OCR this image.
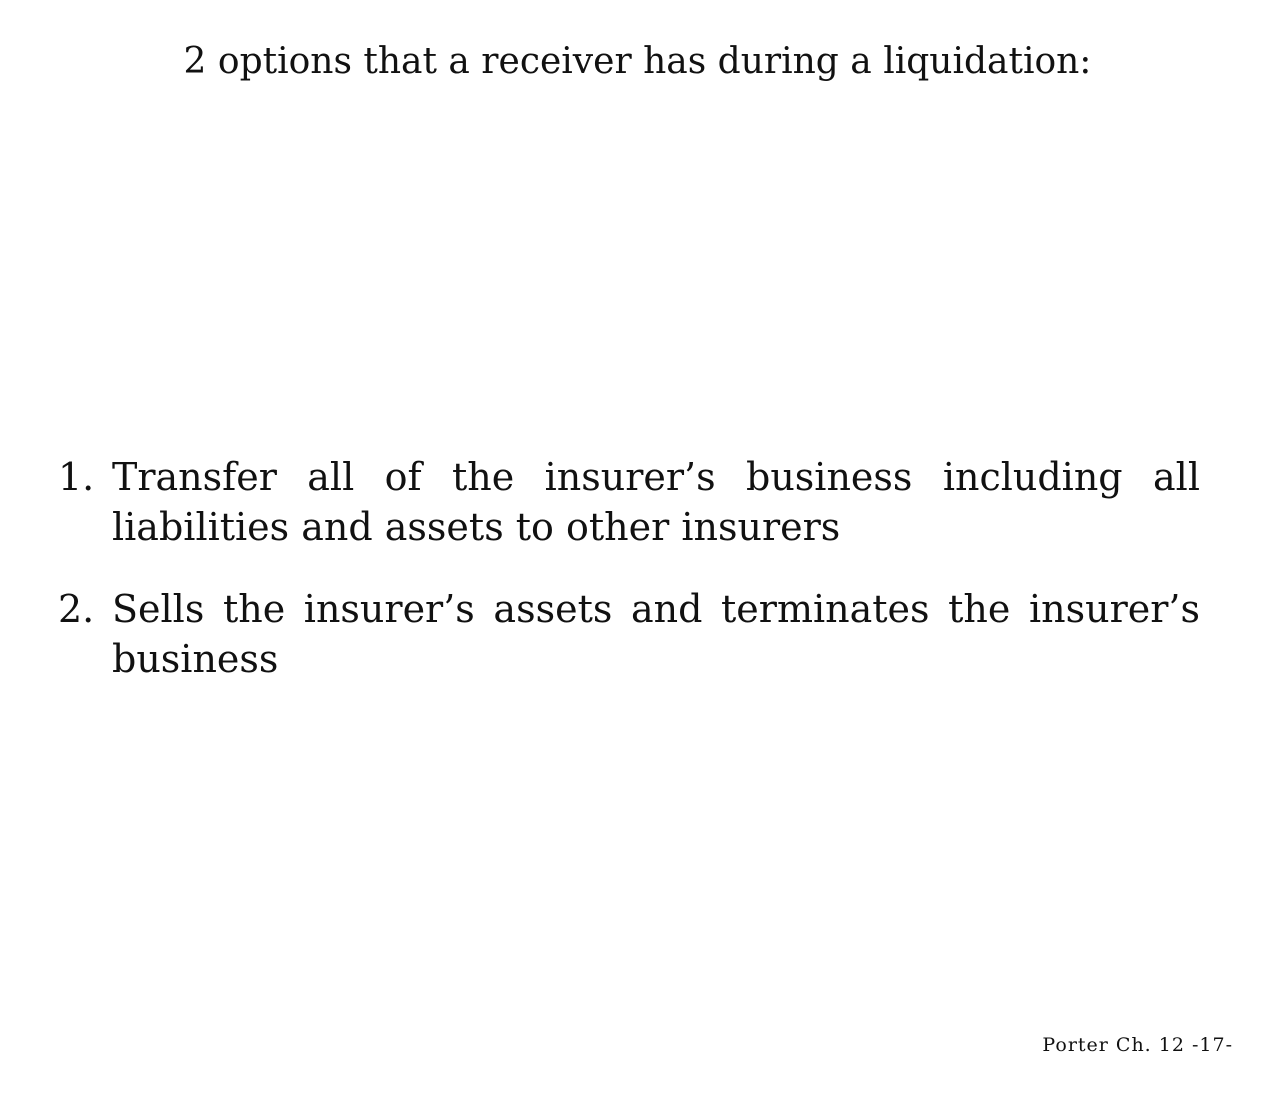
2 options that a receiver has during a liquidation:
1. Transfer all of the insurer’s business including all liabilities and assets to other insurers
2. Sells the insurer’s assets and terminates the insurer’s business
Porter Ch. 12 -17-
